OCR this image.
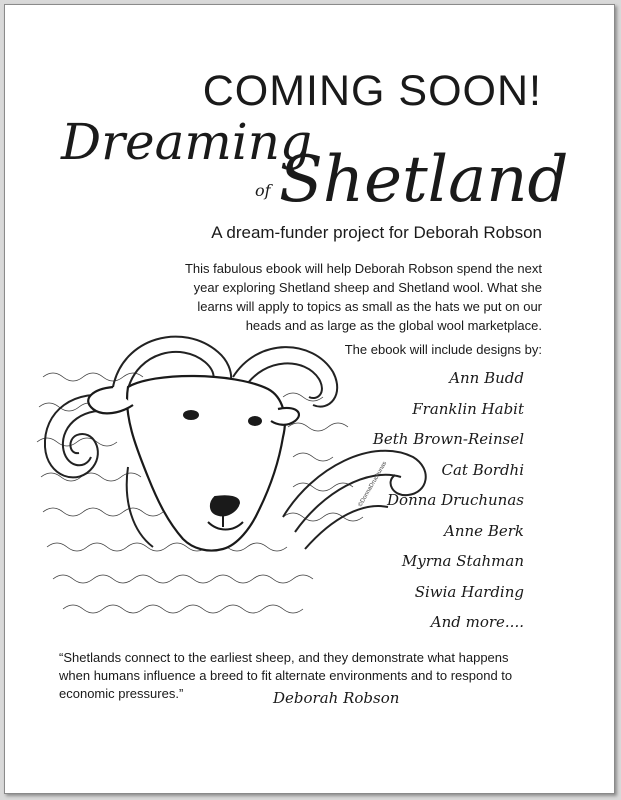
COMING SOON!
Dreaming
of Shetland
A dream-funder project for Deborah Robson

This fabulous ebook will help Deborah Robson spend the next year exploring Shetland sheep and Shetland wool. What she learns will apply to topics as small as the hats we put on our heads and as large as the global wool marketplace.

The ebook will include designs by:
Ann Budd
Franklin Habit
Beth Brown-Reinsel
Cat Bordhi
Donna Druchunas
Anne Berk
Myrna Stahman
Siwia Harding
And more....
©DonnaDruchunas

“Shetlands connect to the earliest sheep, and they demonstrate what happens when humans influence a breed to fit alternate environments and to respond to economic pressures.”	Deborah Robson
